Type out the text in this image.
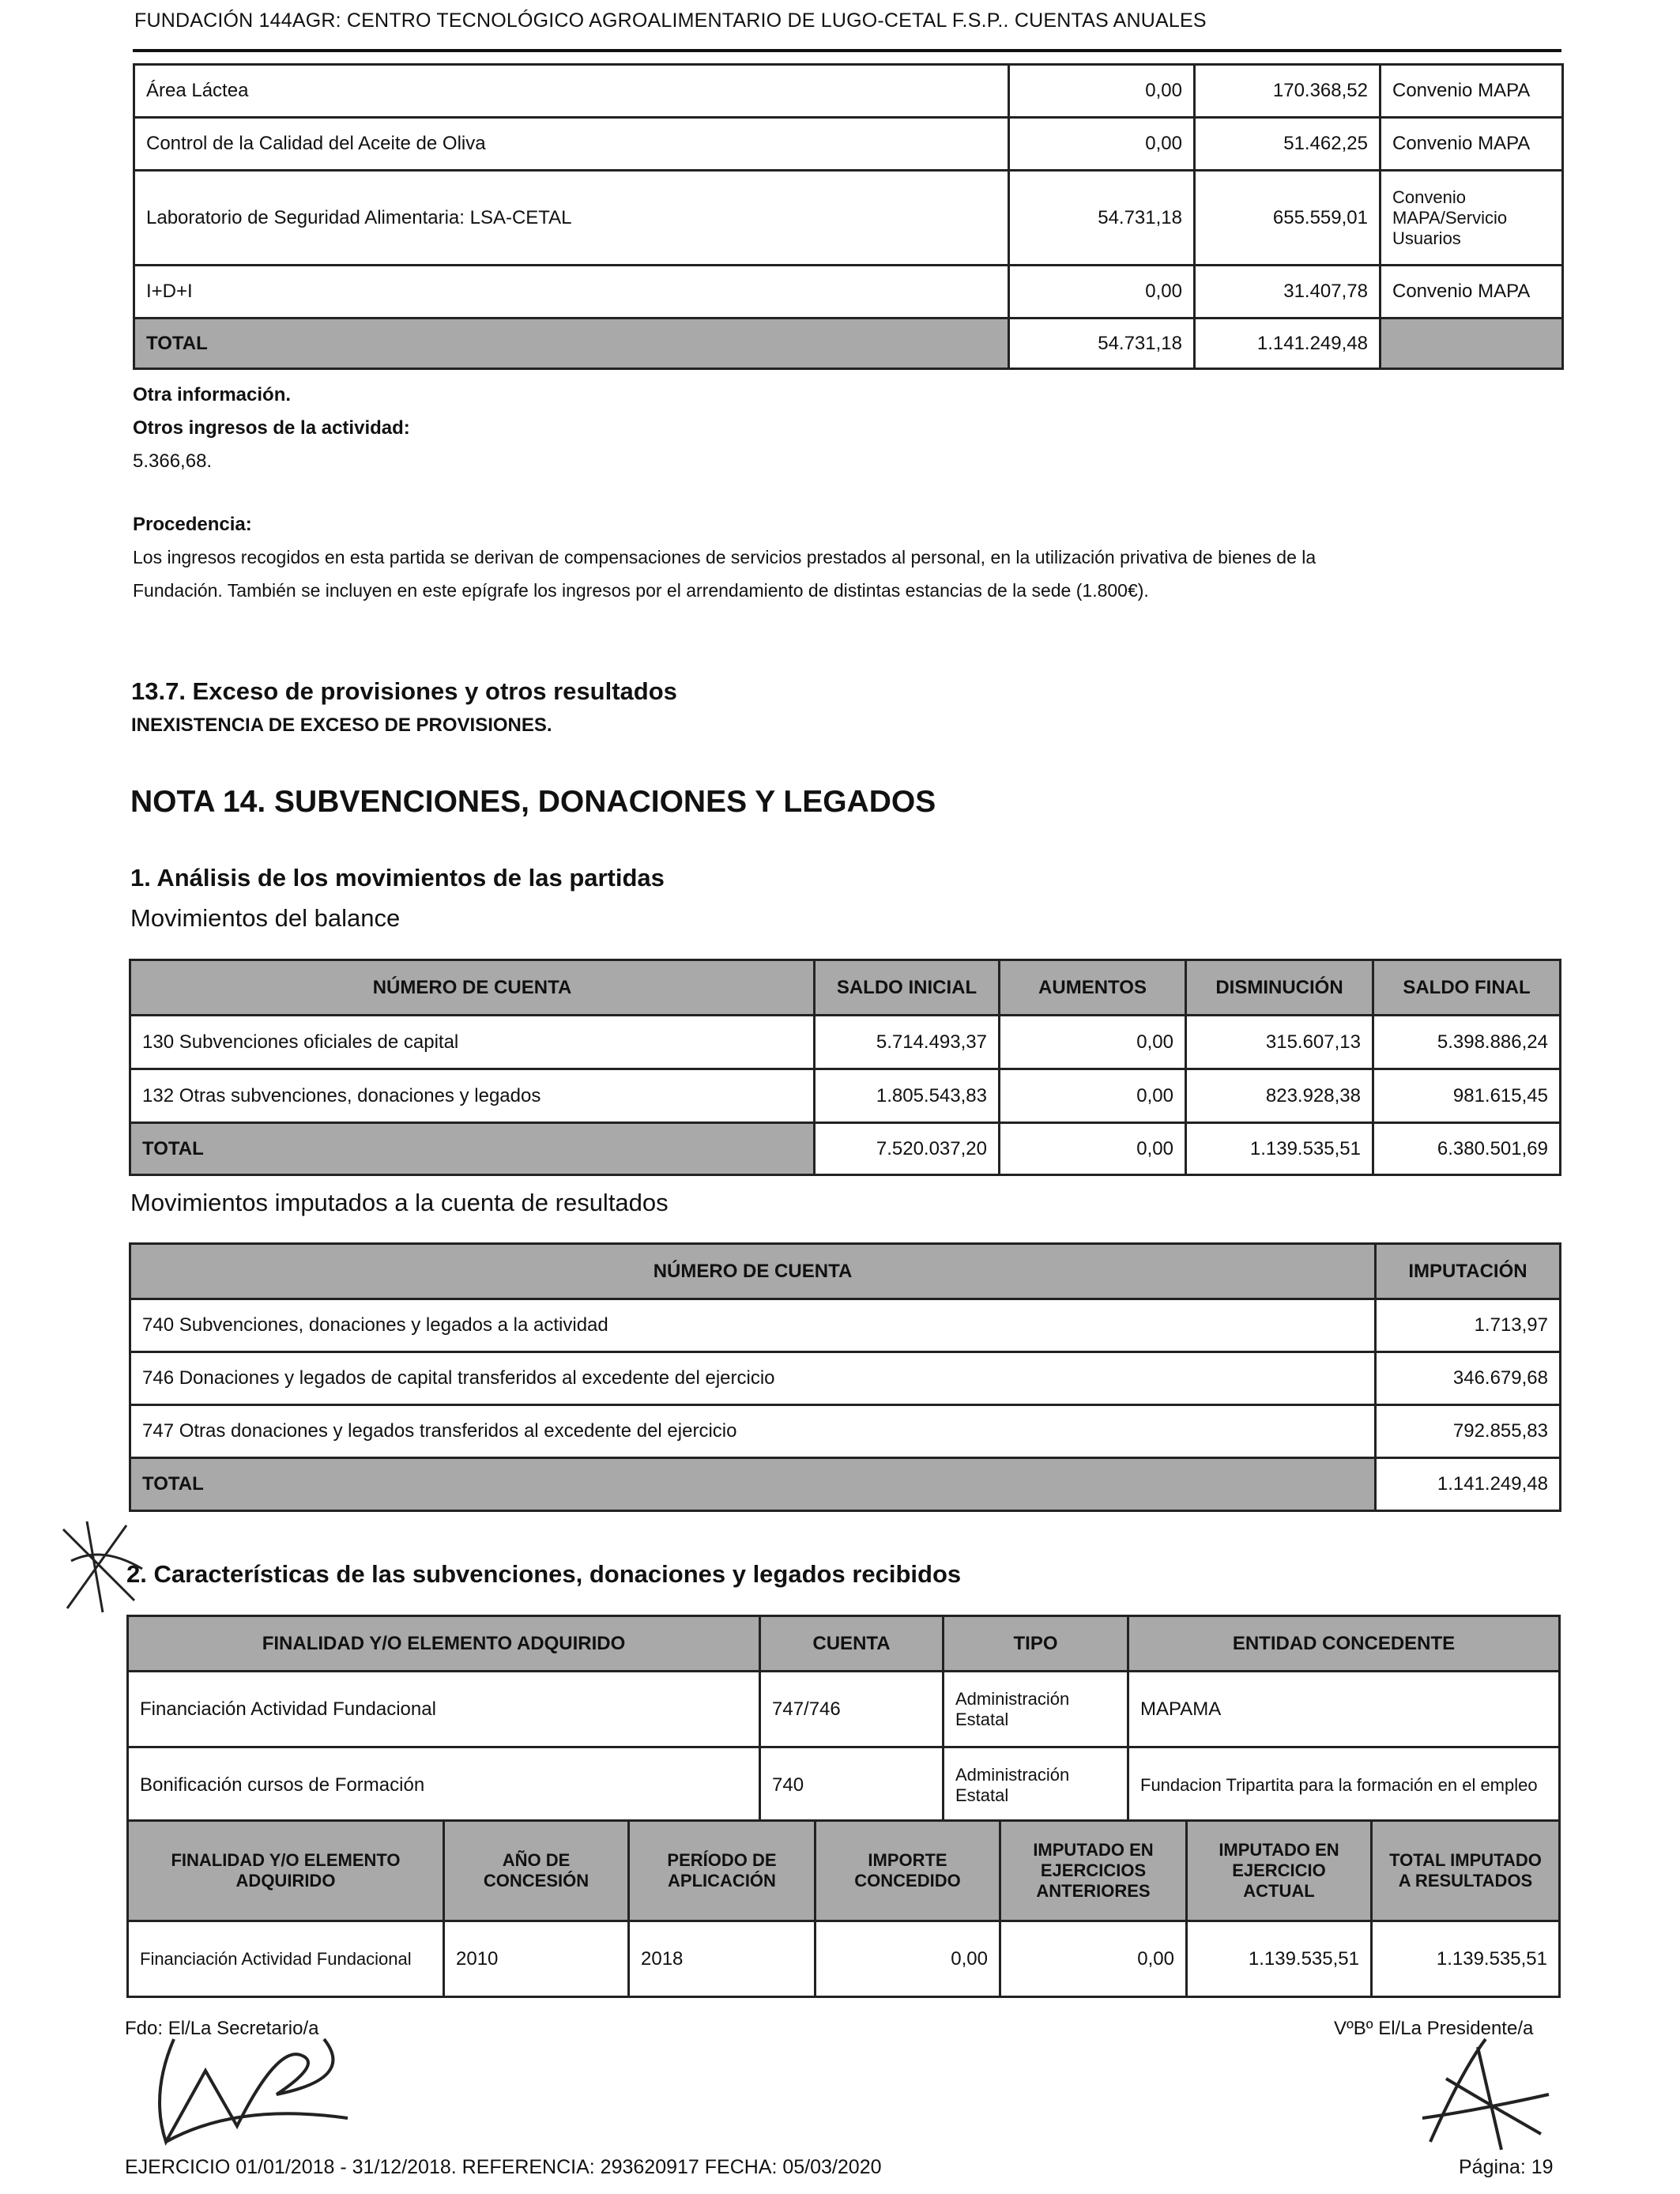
FUNDACIÓN 144AGR: CENTRO TECNOLÓGICO AGROALIMENTARIO DE LUGO-CETAL F.S.P.. CUENTAS ANUALES
Área Láctea	0,00	170.368,52	Convenio MAPA
Control de la Calidad del Aceite de Oliva	0,00	51.462,25	Convenio MAPA
Laboratorio de Seguridad Alimentaria: LSA-CETAL	54.731,18	655.559,01	Convenio MAPA/Servicio Usuarios
I+D+I	0,00	31.407,78	Convenio MAPA
TOTAL	54.731,18	1.141.249,48	
Otra información.
Otros ingresos de la actividad:
5.366,68.
Procedencia:
Los ingresos recogidos en esta partida se derivan de compensaciones de servicios prestados al personal, en la utilización privativa de bienes de la
Fundación. También se incluyen en este epígrafe los ingresos por el arrendamiento de distintas estancias de la sede (1.800€).
13.7. Exceso de provisiones y otros resultados
INEXISTENCIA DE EXCESO DE PROVISIONES.
NOTA 14. SUBVENCIONES, DONACIONES Y LEGADOS
1. Análisis de los movimientos de las partidas
Movimientos del balance
NÚMERO DE CUENTA	SALDO INICIAL	AUMENTOS	DISMINUCIÓN	SALDO FINAL
130 Subvenciones oficiales de capital	5.714.493,37	0,00	315.607,13	5.398.886,24
132 Otras subvenciones, donaciones y legados	1.805.543,83	0,00	823.928,38	981.615,45
TOTAL	7.520.037,20	0,00	1.139.535,51	6.380.501,69
Movimientos imputados a la cuenta de resultados
NÚMERO DE CUENTA	IMPUTACIÓN
740 Subvenciones, donaciones y legados a la actividad	1.713,97
746 Donaciones y legados de capital transferidos al excedente del ejercicio	346.679,68
747 Otras donaciones y legados transferidos al excedente del ejercicio	792.855,83
TOTAL	1.141.249,48
2. Características de las subvenciones, donaciones y legados recibidos
FINALIDAD Y/O ELEMENTO ADQUIRIDO	CUENTA	TIPO	ENTIDAD CONCEDENTE
Financiación Actividad Fundacional	747/746	Administración Estatal	MAPAMA
Bonificación cursos de Formación	740	Administración Estatal	Fundacion Tripartita para la formación en el empleo
FINALIDAD Y/O ELEMENTO ADQUIRIDO	AÑO DE CONCESIÓN	PERÍODO DE APLICACIÓN	IMPORTE CONCEDIDO	IMPUTADO EN EJERCICIOS ANTERIORES	IMPUTADO EN EJERCICIO ACTUAL	TOTAL IMPUTADO A RESULTADOS
Financiación Actividad Fundacional	2010	2018	0,00	0,00	1.139.535,51	1.139.535,51
Fdo: El/La Secretario/a	VºBº El/La Presidente/a
EJERCICIO 01/01/2018 - 31/12/2018. REFERENCIA: 293620917 FECHA: 05/03/2020	Página: 19
